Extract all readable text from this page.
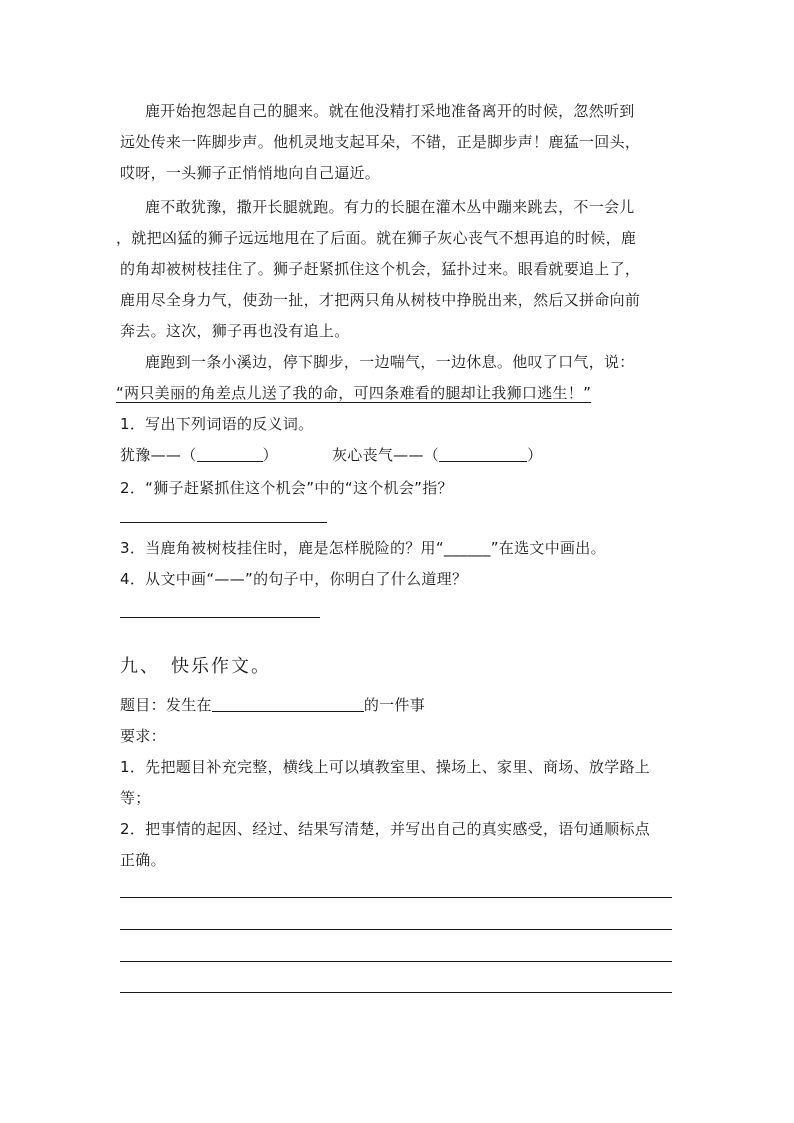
鹿开始抱怨起自己的腿来。就在他没精打采地准备离开的时候，忽然听到
远处传来一阵脚步声。他机灵地支起耳朵，不错，正是脚步声！鹿猛一回头，
哎呀，一头狮子正悄悄地向自己逼近。
鹿不敢犹豫，撒开长腿就跑。有力的长腿在灌木丛中蹦来跳去，不一会儿
，就把凶猛的狮子远远地甩在了后面。就在狮子灰心丧气不想再追的时候，鹿
的角却被树枝挂住了。狮子赶紧抓住这个机会，猛扑过来。眼看就要追上了，
鹿用尽全身力气，使劲一扯，才把两只角从树枝中挣脱出来，然后又拼命向前
奔去。这次，狮子再也没有追上。
鹿跑到一条小溪边，停下脚步，一边喘气，一边休息。他叹了口气，说：
“两只美丽的角差点儿送了我的命，可四条难看的腿却让我狮口逃生！”
1．写出下列词语的反义词。
犹豫——（	）	灰心丧气——（	）
2．“狮子赶紧抓住这个机会”中的“这个机会”指？
3．当鹿角被树枝挂住时，鹿是怎样脱险的？用“______”在选文中画出。
4．从文中画“——”的句子中，你明白了什么道理？
九、　快乐作文。
题目：发生在	的一件事
要求：
1．先把题目补充完整，横线上可以填教室里、操场上、家里、商场、放学路上
等；
2．把事情的起因、经过、结果写清楚，并写出自己的真实感受，语句通顺标点
正确。
